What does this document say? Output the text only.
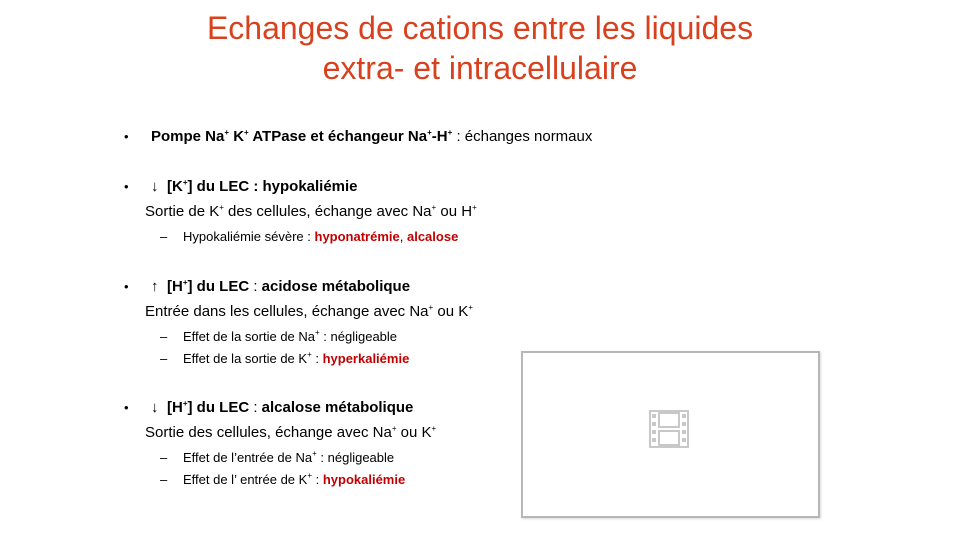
Echanges de cations entre les liquides
extra- et intracellulaire
• Pompe Na+ K+ ATPase et échangeur Na+-H+ : échanges normaux
• ↓ [K+] du LEC : hypokaliémie
Sortie de K+ des cellules, échange avec Na+ ou H+
– Hypokaliémie sévère : hyponatrémie, alcalose
• ↑ [H+] du LEC : acidose métabolique
Entrée dans les cellules, échange avec Na+ ou K+
– Effet de la sortie de Na+ : négligeable
– Effet de la sortie de K+ : hyperkaliémie
• ↓ [H+] du LEC : alcalose métabolique
Sortie des cellules, échange avec Na+ ou K+
– Effet de l’entrée de Na+ : négligeable
– Effet de l’ entrée de K+ : hypokaliémie
